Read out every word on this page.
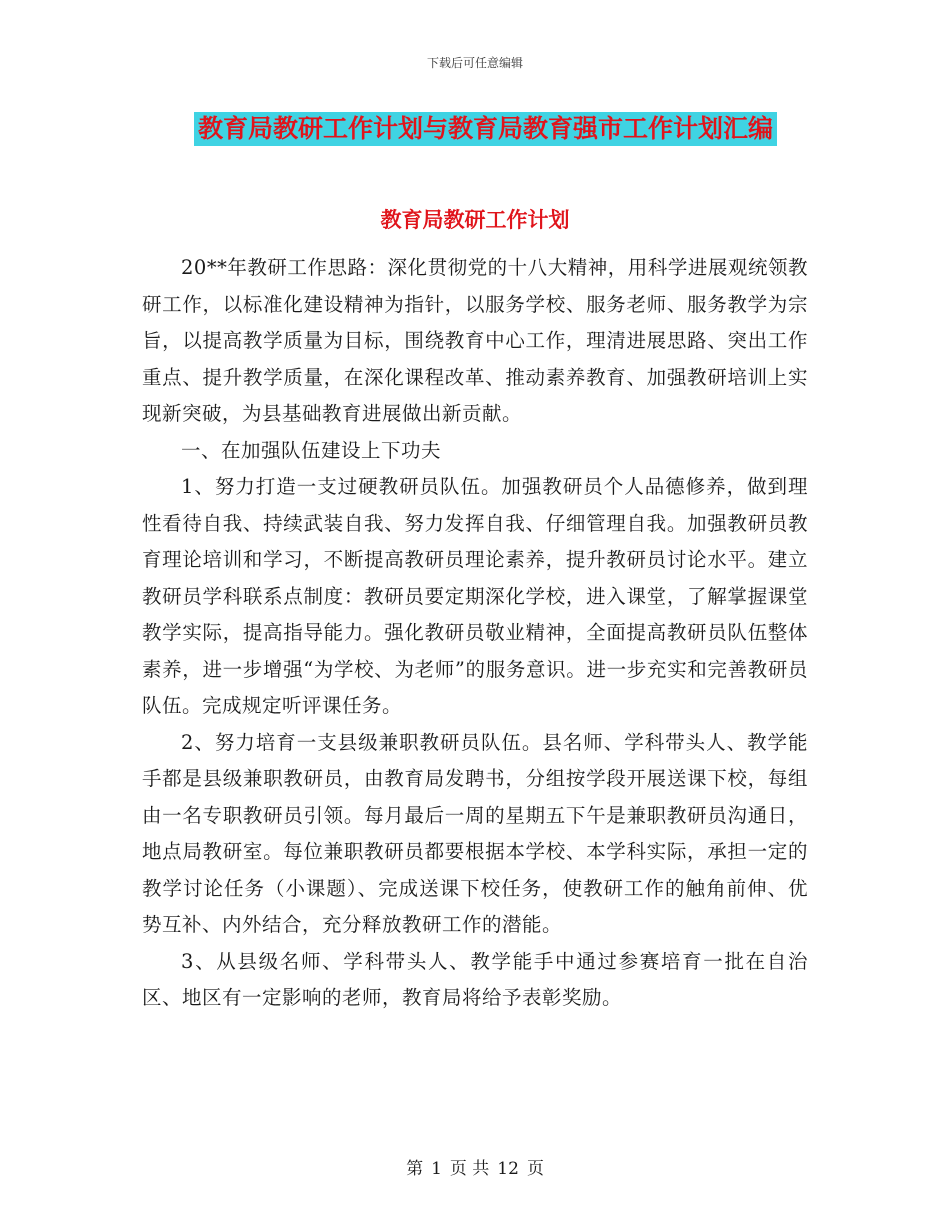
下载后可任意编辑
教育局教研工作计划与教育局教育强市工作计划汇编
教育局教研工作计划

20**年教研工作思路：深化贯彻党的十八大精神，用科学进展观统领教研工作，以标准化建设精神为指针，以服务学校、服务老师、服务教学为宗旨，以提高教学质量为目标，围绕教育中心工作，理清进展思路、突出工作重点、提升教学质量，在深化课程改革、推动素养教育、加强教研培训上实现新突破，为县基础教育进展做出新贡献。

一、在加强队伍建设上下功夫

1、努力打造一支过硬教研员队伍。加强教研员个人品德修养，做到理性看待自我、持续武装自我、努力发挥自我、仔细管理自我。加强教研员教育理论培训和学习，不断提高教研员理论素养，提升教研员讨论水平。建立教研员学科联系点制度：教研员要定期深化学校，进入课堂，了解掌握课堂教学实际，提高指导能力。强化教研员敬业精神，全面提高教研员队伍整体素养，进一步增强“为学校、为老师”的服务意识。进一步充实和完善教研员队伍。完成规定听评课任务。

2、努力培育一支县级兼职教研员队伍。县名师、学科带头人、教学能手都是县级兼职教研员，由教育局发聘书，分组按学段开展送课下校，每组由一名专职教研员引领。每月最后一周的星期五下午是兼职教研员沟通日，地点局教研室。每位兼职教研员都要根据本学校、本学科实际，承担一定的教学讨论任务（小课题）、完成送课下校任务，使教研工作的触角前伸、优势互补、内外结合，充分释放教研工作的潜能。

3、从县级名师、学科带头人、教学能手中通过参赛培育一批在自治区、地区有一定影响的老师，教育局将给予表彰奖励。

第 1 页 共 12 页
